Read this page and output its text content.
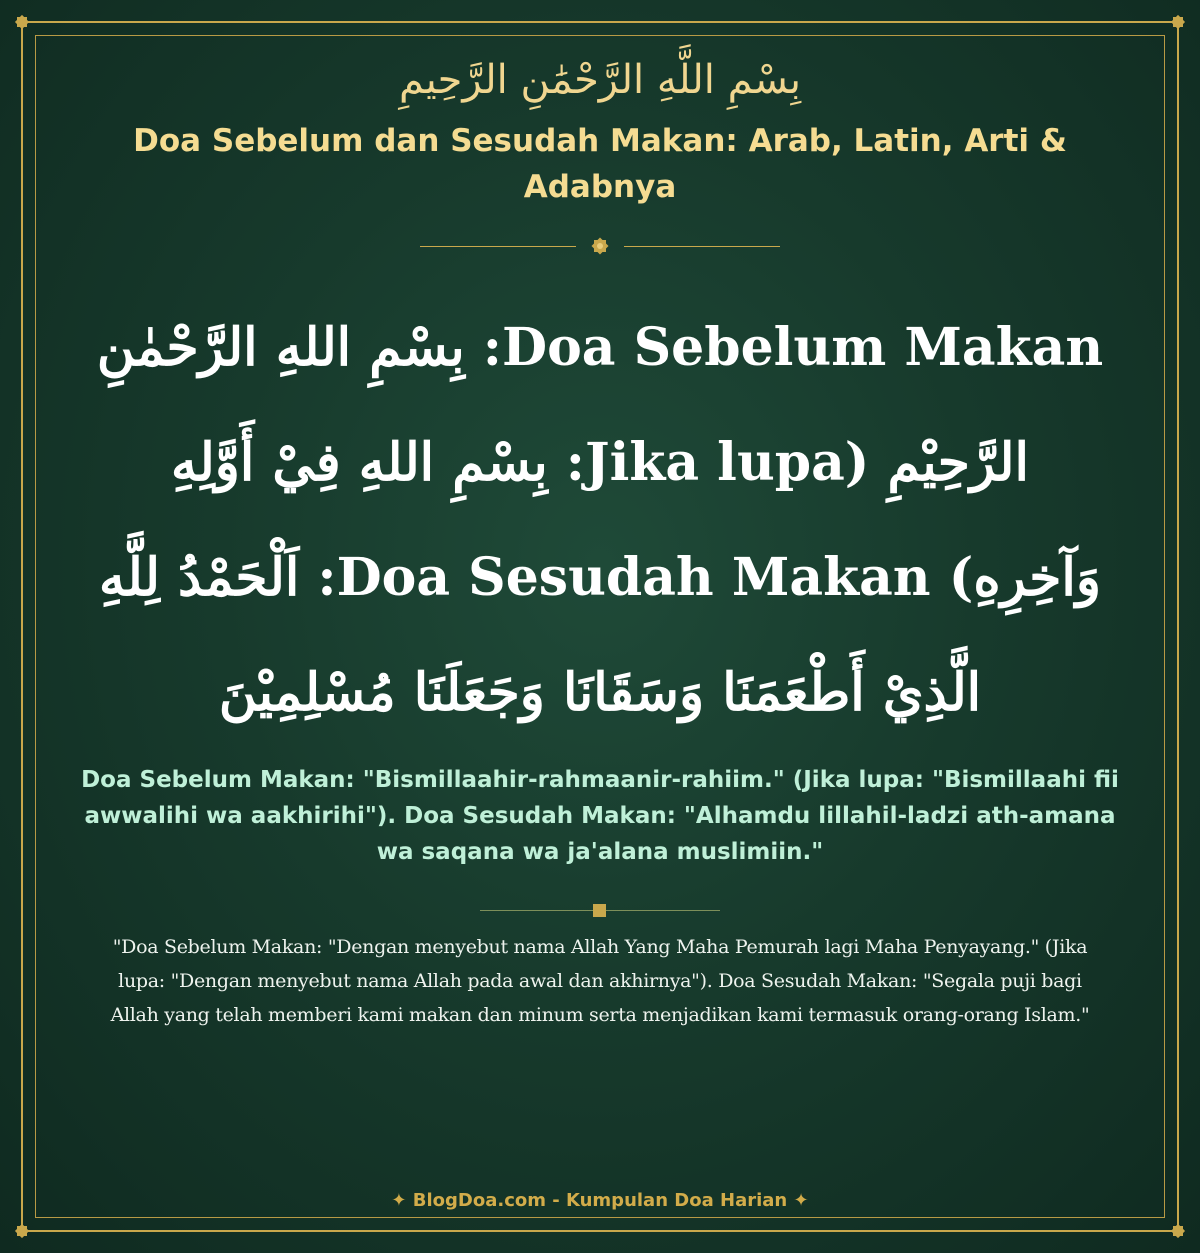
بِسْمِ اللَّهِ الرَّحْمَٰنِ الرَّحِيمِ
Doa Sebelum dan Sesudah Makan: Arab, Latin, Arti & Adabnya
Doa Sebelum Makan: بِسْمِ اللهِ الرَّحْمٰنِ الرَّحِيْمِ (Jika lupa: بِسْمِ اللهِ فِيْ أَوَّلِهِ وَآخِرِهِ) Doa Sesudah Makan: اَلْحَمْدُ لِلَّهِ الَّذِيْ أَطْعَمَنَا وَسَقَانَا وَجَعَلَنَا مُسْلِمِيْنَ
Doa Sebelum Makan: "Bismillaahir-rahmaanir-rahiim." (Jika lupa: "Bismillaahi fii awwalihi wa aakhirihi"). Doa Sesudah Makan: "Alhamdu lillahil-ladzi ath-amana wa saqana wa ja'alana muslimiin."
"Doa Sebelum Makan: "Dengan menyebut nama Allah Yang Maha Pemurah lagi Maha Penyayang." (Jika lupa: "Dengan menyebut nama Allah pada awal dan akhirnya"). Doa Sesudah Makan: "Segala puji bagi Allah yang telah memberi kami makan dan minum serta menjadikan kami termasuk orang-orang Islam."
✦ BlogDoa.com - Kumpulan Doa Harian ✦
